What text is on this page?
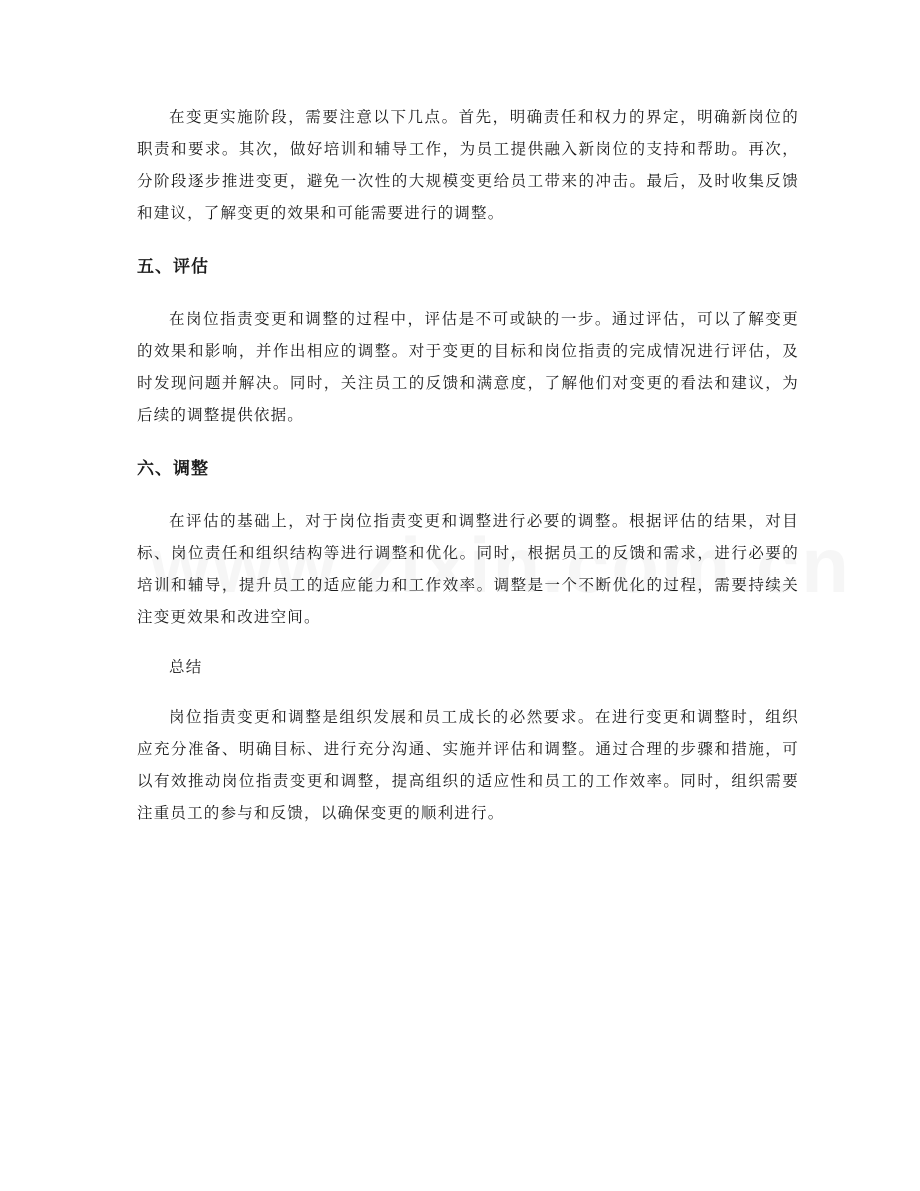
在变更实施阶段，需要注意以下几点。首先，明确责任和权力的界定，明确新岗位的职责和要求。其次，做好培训和辅导工作，为员工提供融入新岗位的支持和帮助。再次，分阶段逐步推进变更，避免一次性的大规模变更给员工带来的冲击。最后，及时收集反馈和建议，了解变更的效果和可能需要进行的调整。

五、评估

在岗位指责变更和调整的过程中，评估是不可或缺的一步。通过评估，可以了解变更的效果和影响，并作出相应的调整。对于变更的目标和岗位指责的完成情况进行评估，及时发现问题并解决。同时，关注员工的反馈和满意度，了解他们对变更的看法和建议，为后续的调整提供依据。

六、调整

在评估的基础上，对于岗位指责变更和调整进行必要的调整。根据评估的结果，对目标、岗位责任和组织结构等进行调整和优化。同时，根据员工的反馈和需求，进行必要的培训和辅导，提升员工的适应能力和工作效率。调整是一个不断优化的过程，需要持续关注变更效果和改进空间。

总结

岗位指责变更和调整是组织发展和员工成长的必然要求。在进行变更和调整时，组织应充分准备、明确目标、进行充分沟通、实施并评估和调整。通过合理的步骤和措施，可以有效推动岗位指责变更和调整，提高组织的适应性和员工的工作效率。同时，组织需要注重员工的参与和反馈，以确保变更的顺利进行。
